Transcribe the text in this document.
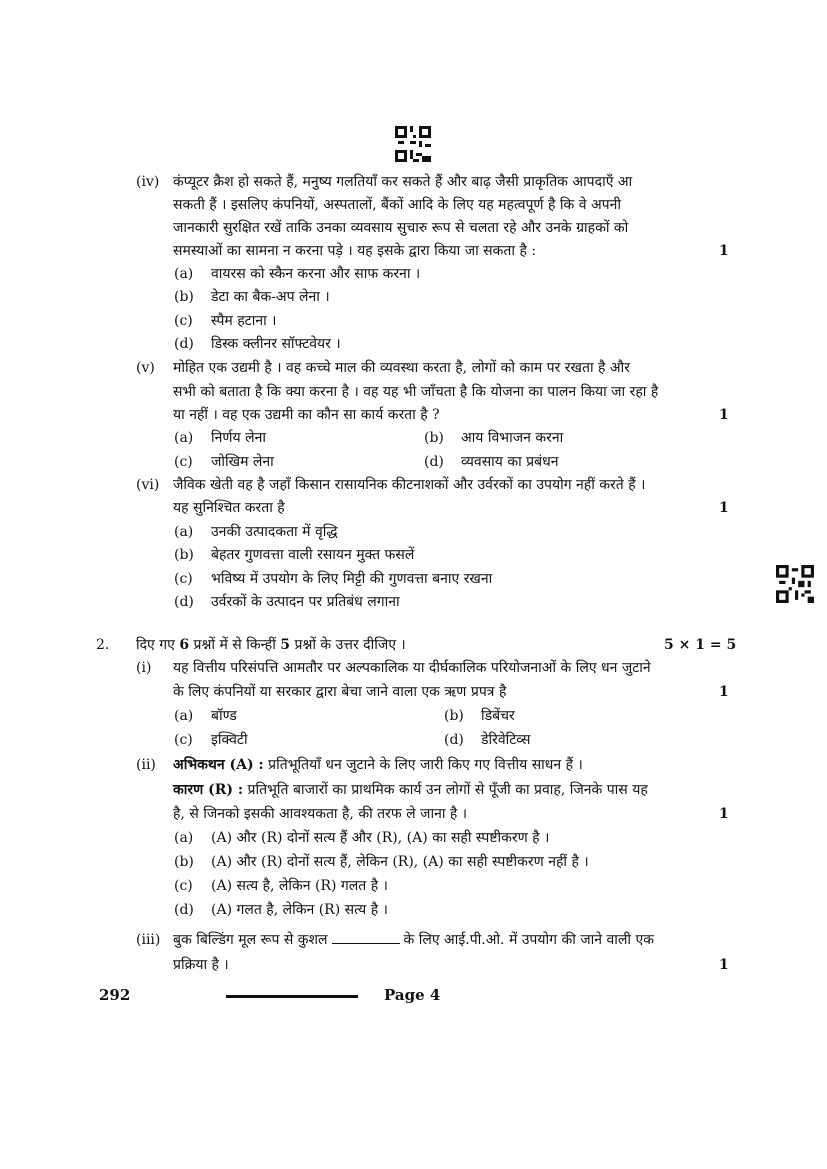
(iv) कंप्यूटर क्रैश हो सकते हैं, मनुष्य गलतियाँ कर सकते हैं और बाढ़ जैसी प्राकृतिक आपदाएँ आ
सकती हैं । इसलिए कंपनियों, अस्पतालों, बैंकों आदि के लिए यह महत्वपूर्ण है कि वे अपनी
जानकारी सुरक्षित रखें ताकि उनका व्यवसाय सुचारु रूप से चलता रहे और उनके ग्राहकों को
समस्याओं का सामना न करना पड़े । यह इसके द्वारा किया जा सकता है :	1
(a) वायरस को स्कैन करना और साफ करना ।
(b) डेटा का बैक-अप लेना ।
(c) स्पैम हटाना ।
(d) डिस्क क्लीनर सॉफ्टवेयर ।
(v) मोहित एक उद्यमी है । वह कच्चे माल की व्यवस्था करता है, लोगों को काम पर रखता है और
सभी को बताता है कि क्या करना है । वह यह भी जाँचता है कि योजना का पालन किया जा रहा है
या नहीं । वह एक उद्यमी का कौन सा कार्य करता है ?	1
(a) निर्णय लेना	(b) आय विभाजन करना
(c) जोखिम लेना	(d) व्यवसाय का प्रबंधन
(vi) जैविक खेती वह है जहाँ किसान रासायनिक कीटनाशकों और उर्वरकों का उपयोग नहीं करते हैं ।
यह सुनिश्चित करता है	1
(a) उनकी उत्पादकता में वृद्धि
(b) बेहतर गुणवत्ता वाली रसायन मुक्त फसलें
(c) भविष्य में उपयोग के लिए मिट्टी की गुणवत्ता बनाए रखना
(d) उर्वरकों के उत्पादन पर प्रतिबंध लगाना
2. दिए गए 6 प्रश्नों में से किन्हीं 5 प्रश्नों के उत्तर दीजिए ।	5 × 1 = 5
(i) यह वित्तीय परिसंपत्ति आमतौर पर अल्पकालिक या दीर्घकालिक परियोजनाओं के लिए धन जुटाने
के लिए कंपनियों या सरकार द्वारा बेचा जाने वाला एक ऋण प्रपत्र है	1
(a) बॉण्ड	(b) डिबेंचर
(c) इक्विटी	(d) डेरिवेटिव्स
(ii) अभिकथन (A) : प्रतिभूतियाँ धन जुटाने के लिए जारी किए गए वित्तीय साधन हैं ।
कारण (R) : प्रतिभूति बाजारों का प्राथमिक कार्य उन लोगों से पूँजी का प्रवाह, जिनके पास यह
है, से जिनको इसकी आवश्यकता है, की तरफ ले जाना है ।	1
(a) (A) और (R) दोनों सत्य हैं और (R), (A) का सही स्पष्टीकरण है ।
(b) (A) और (R) दोनों सत्य हैं, लेकिन (R), (A) का सही स्पष्टीकरण नहीं है ।
(c) (A) सत्य है, लेकिन (R) गलत है ।
(d) (A) गलत है, लेकिन (R) सत्य है ।
(iii) बुक बिल्डिंग मूल रूप से कुशल	के लिए आई.पी.ओ. में उपयोग की जाने वाली एक
प्रक्रिया है ।	1
292	Page 4
